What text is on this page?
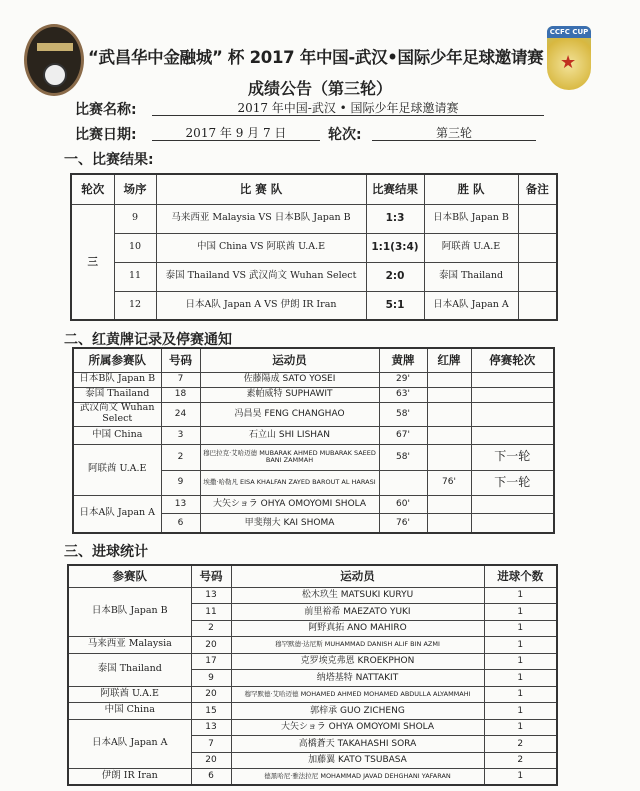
CCFC CUP
★
“武昌华中金融城” 杯 2017 年中国-武汉•国际少年足球邀请赛
成绩公告（第三轮）
比赛名称:	2017 年中国-武汉 • 国际少年足球邀请赛
比赛日期:	2017 年 9 月 7 日	轮次:	第三轮
一、比赛结果:
轮次	场序	比 赛 队	比赛结果	胜 队	备注
三	9	马来西亚 Malaysia VS 日本B队 Japan B	1:3	日本B队 Japan B	
	10	中国 China VS 阿联酋 U.A.E	1:1(3:4)	阿联酋 U.A.E	
	11	泰国 Thailand VS 武汉尚文 Wuhan Select	2:0	泰国 Thailand	
	12	日本A队 Japan A VS 伊朗 IR Iran	5:1	日本A队 Japan A	
二、红黄牌记录及停赛通知
所属参赛队	号码	运动员	黄牌	红牌	停赛轮次
日本B队 Japan B	7	佐藤陽成 SATO YOSEI	29'		
泰国 Thailand	18	素帕威特 SUPHAWIT	63'		
武汉尚文 Wuhan Select	24	冯昌昊 FENG CHANGHAO	58'		
中国 China	3	石立山 SHI LISHAN	67'		
阿联酋 U.A.E	2	穆巴拉克·艾哈迈德 MUBARAK AHMED MUBARAK SAEED BANI ZAMMAH	58'		下一轮
	9	埃撒·哈勒凡 EISA KHALFAN ZAYED BAROUT AL HARASI		76'	下一轮
日本A队 Japan A	13	大矢ショラ OHYA OMOYOMI SHOLA	60'		
	6	甲斐翔大 KAI SHOMA	76'		
三、进球统计
参赛队	号码	运动员	进球个数
日本B队 Japan B	13	松木玖生 MATSUKI KURYU	1
	11	前里裕希 MAEZATO YUKI	1
	2	阿野真拓 ANO MAHIRO	1
马来西亚 Malaysia	20	穆罕默德·达尼斯 MUHAMMAD DANISH ALIF BIN AZMI	1
泰国 Thailand	17	克罗埃克弗恩 KROEKPHON	1
	9	纳塔基特 NATTAKIT	1
阿联酋 U.A.E	20	穆罕默德·艾哈迈德 MOHAMED AHMED MOHAMED ABDULLA ALYAMMAHI	1
中国 China	15	郭梓承 GUO ZICHENG	1
日本A队 Japan A	13	大矢ショラ OHYA OMOYOMI SHOLA	1
	7	高橋蒼天 TAKAHASHI SORA	2
	20	加藤翼 KATO TSUBASA	2
伊朗 IR Iran	6	德黑哈尼·雅法拉尼 MOHAMMAD JAVAD DEHGHANI YAFARAN	1
